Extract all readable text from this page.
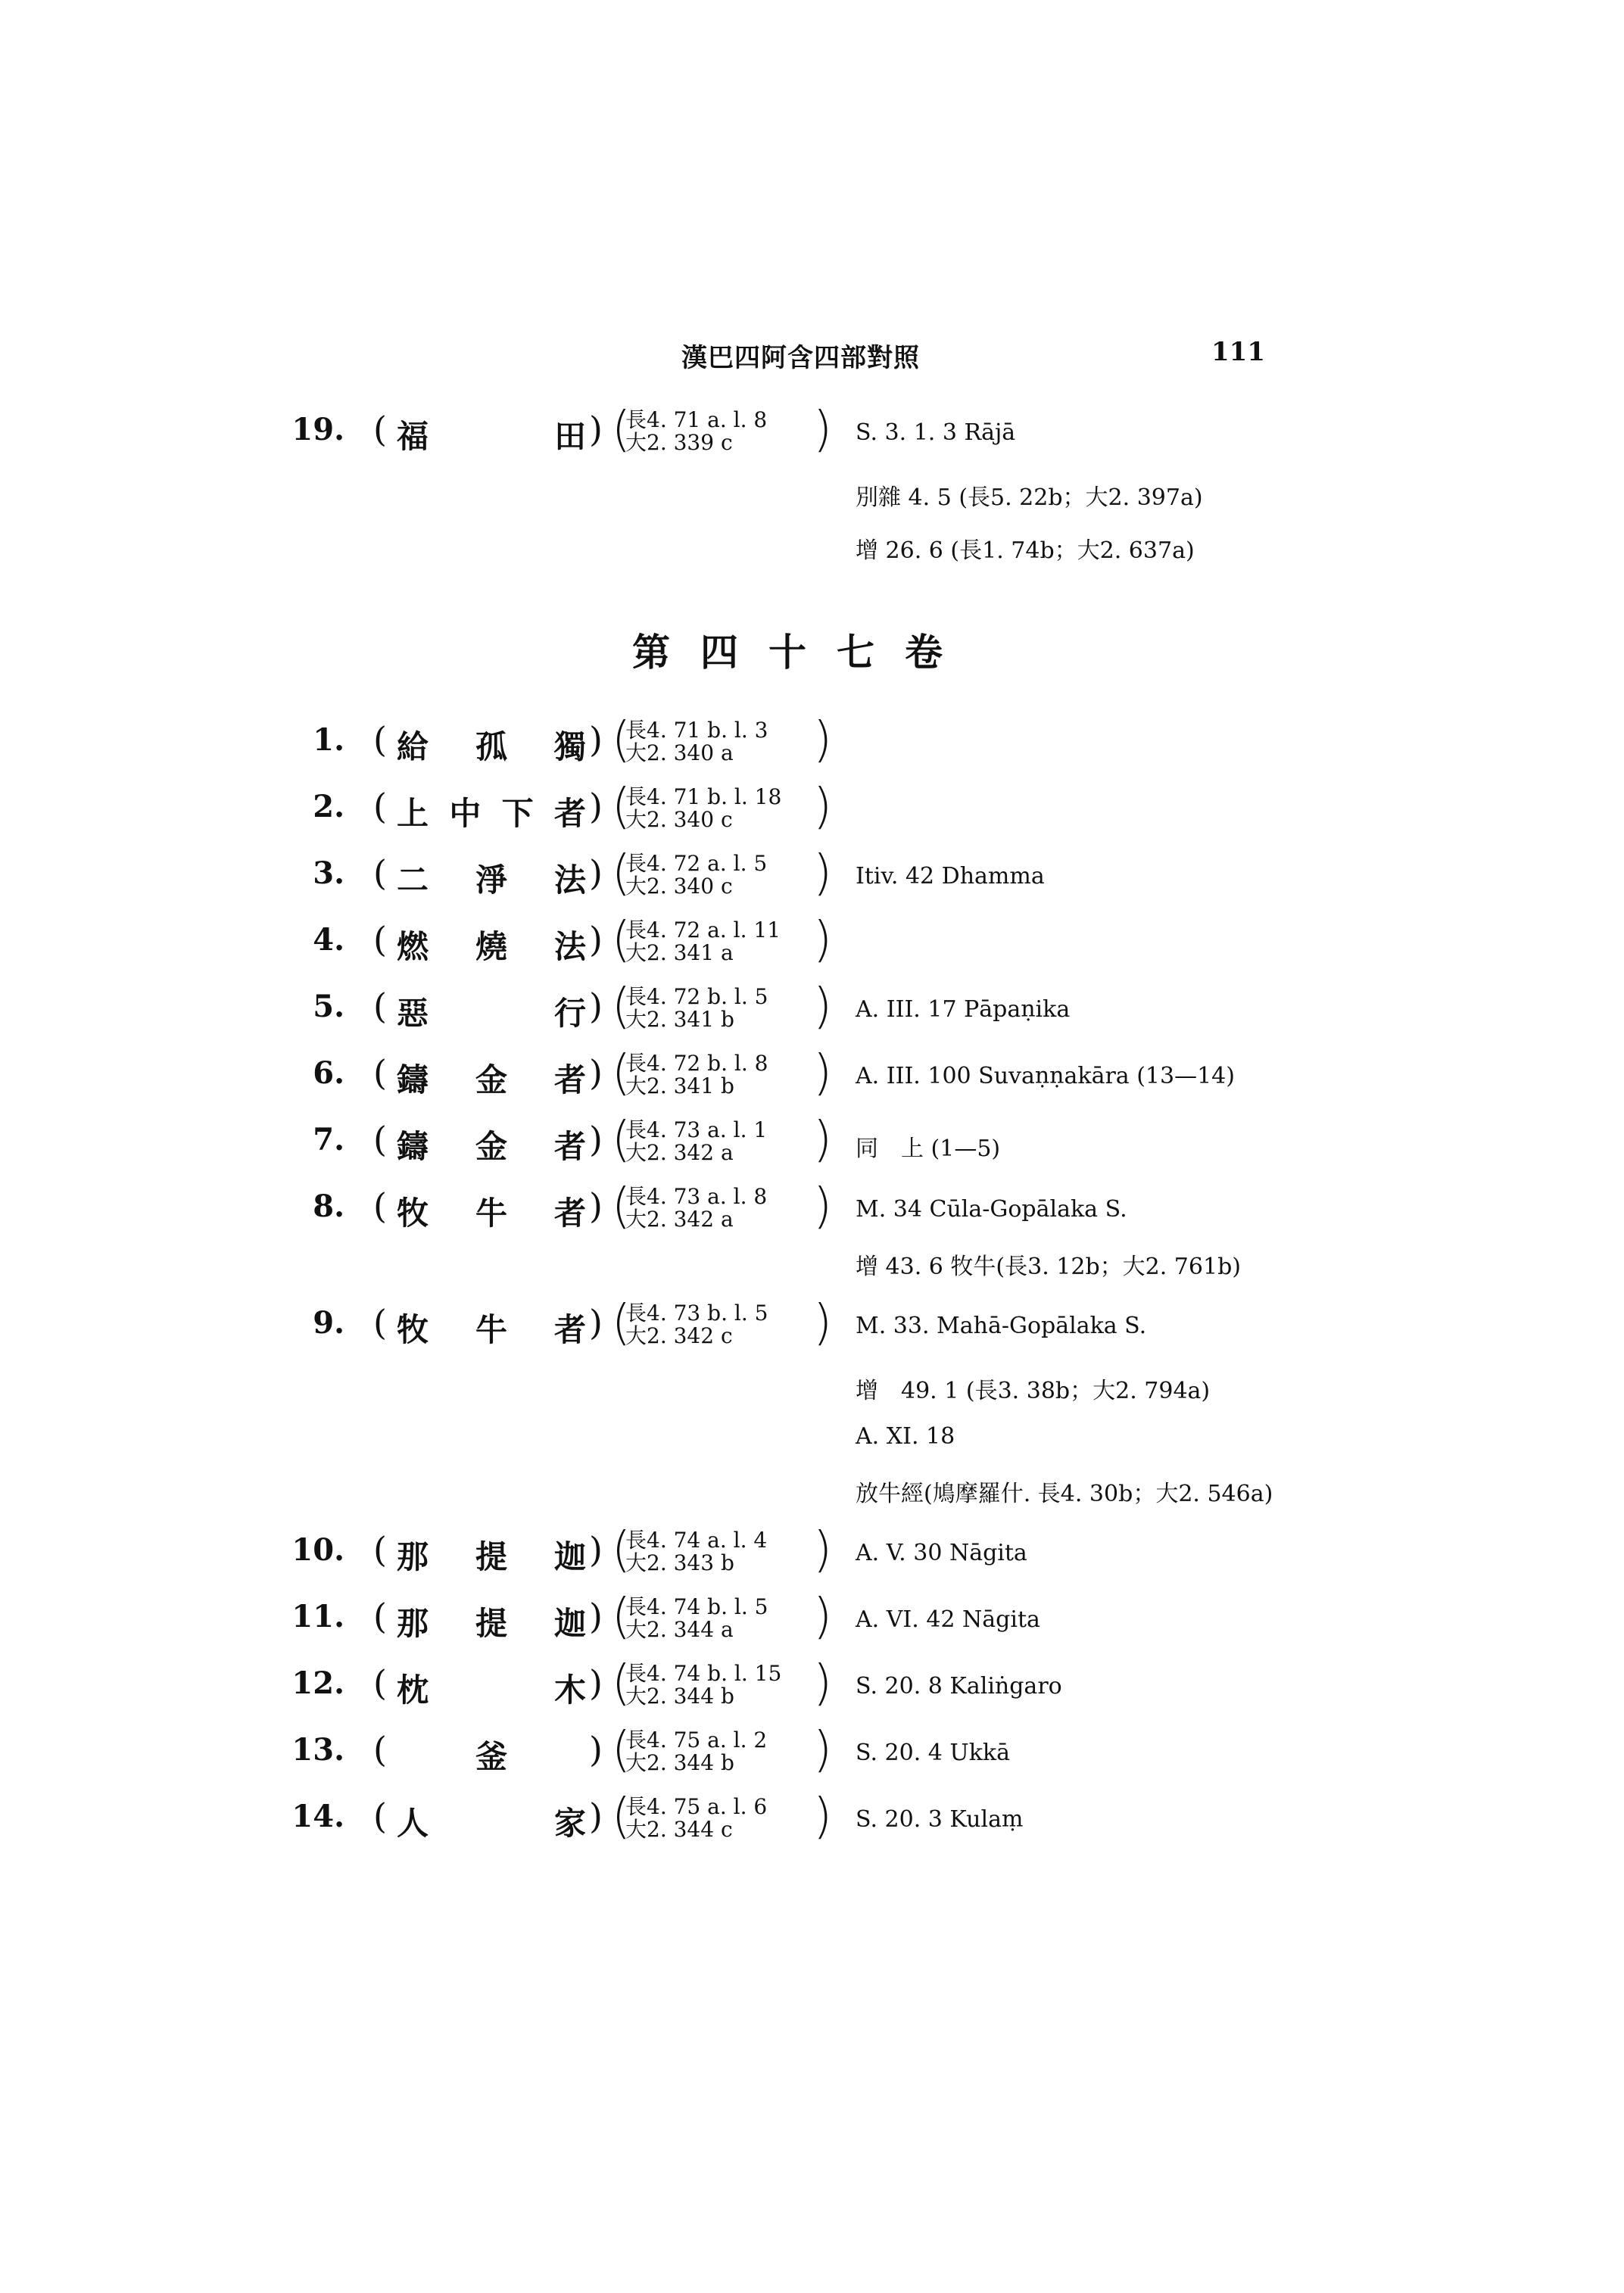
漢巴四阿含四部對照	111
19. ( 福	田 ) (
長4. 71 a. l. 8
大2. 339 c ) S. 3. 1. 3 Rājā
別雜 4. 5 (長5. 22b；大2. 397a)
增 26. 6 (長1. 74b；大2. 637a)
第四十七卷
1. ( 給 孤 獨 ) (
長4. 71 b. l. 3
大2. 340 a )
2. ( 上 中 下 者 ) (
長4. 71 b. l. 18
大2. 340 c )
3. ( 二 淨 法 ) (
長4. 72 a. l. 5
大2. 340 c ) Itiv. 42 Dhamma
4. ( 燃 燒 法 ) (
長4. 72 a. l. 11
大2. 341 a )
5. ( 惡	行 ) (
長4. 72 b. l. 5
大2. 341 b ) A. III. 17 Pāpaṇika
6. ( 鑄 金 者 ) (
長4. 72 b. l. 8
大2. 341 b ) A. III. 100 Suvaṇṇakāra (13—14)
7. ( 鑄 金 者 ) (
長4. 73 a. l. 1
大2. 342 a ) 同　上 (1—5)
8. ( 牧 牛 者 ) (
長4. 73 a. l. 8
大2. 342 a ) M. 34 Cūla-Gopālaka S.
增 43. 6 牧牛(長3. 12b；大2. 761b)
9. ( 牧 牛 者 ) (
長4. 73 b. l. 5
大2. 342 c ) M. 33. Mahā-Gopālaka S.
增　49. 1 (長3. 38b；大2. 794a)
A. XI. 18
放牛經(鳩摩羅什. 長4. 30b；大2. 546a)
10. ( 那 提 迦 ) (
長4. 74 a. l. 4
大2. 343 b ) A. V. 30 Nāgita
11. ( 那 提 迦 ) (
長4. 74 b. l. 5
大2. 344 a ) A. VI. 42 Nāgita
12. ( 枕	木 ) (
長4. 74 b. l. 15
大2. 344 b ) S. 20. 8 Kaliṅgaro
13. (	釜 ) (
長4. 75 a. l. 2
大2. 344 b ) S. 20. 4 Ukkā
14. ( 人	家 ) (
長4. 75 a. l. 6
大2. 344 c ) S. 20. 3 Kulaṃ
